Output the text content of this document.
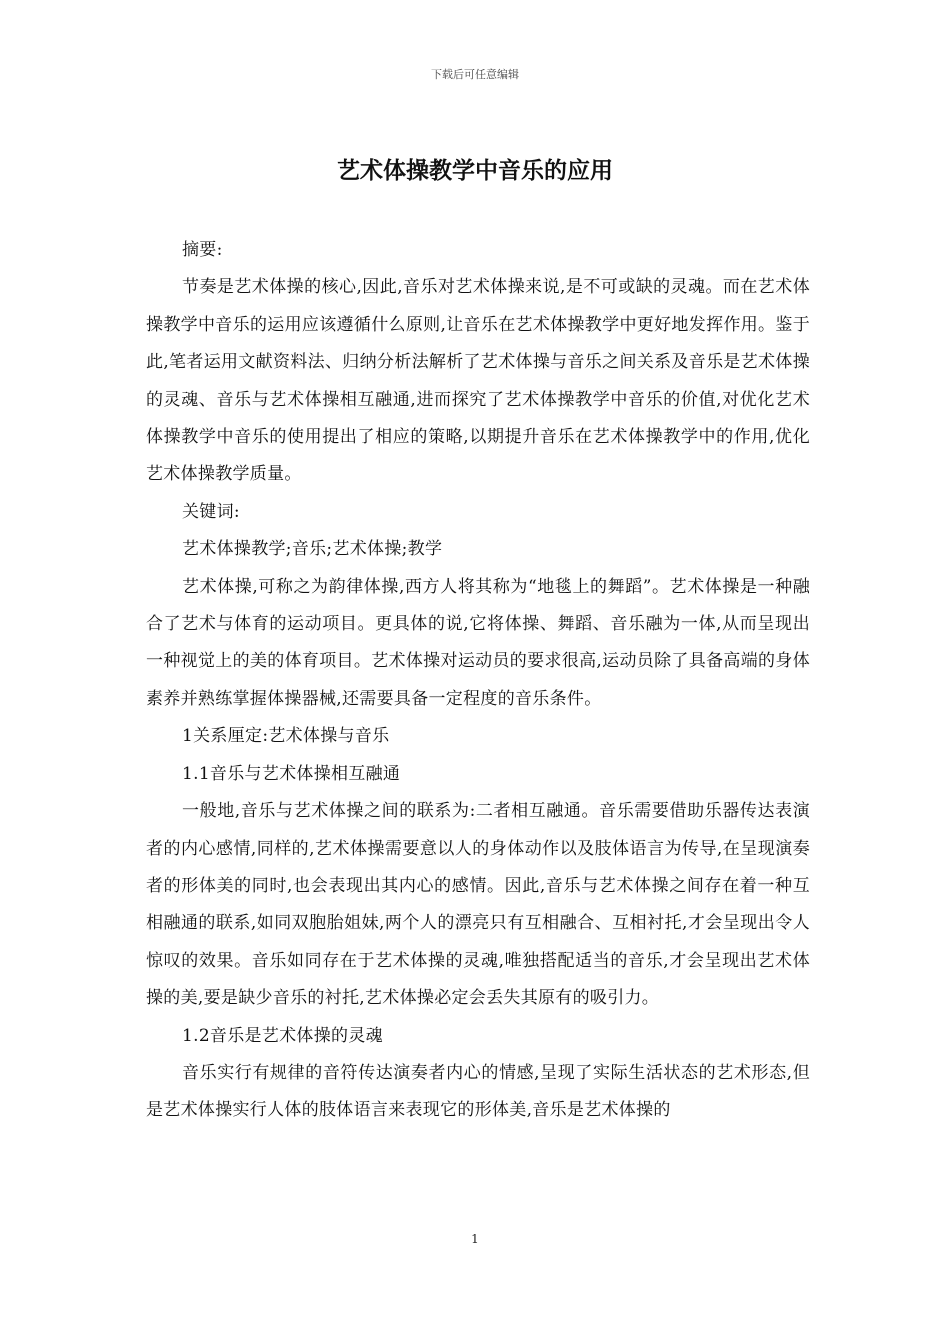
下载后可任意编辑
艺术体操教学中音乐的应用

摘要:

节奏是艺术体操的核心,因此,音乐对艺术体操来说,是不可或缺的灵魂。而在艺术体操教学中音乐的运用应该遵循什么原则,让音乐在艺术体操教学中更好地发挥作用。鉴于此,笔者运用文献资料法、归纳分析法解析了艺术体操与音乐之间关系及音乐是艺术体操的灵魂、音乐与艺术体操相互融通,进而探究了艺术体操教学中音乐的价值,对优化艺术体操教学中音乐的使用提出了相应的策略,以期提升音乐在艺术体操教学中的作用,优化艺术体操教学质量。

关键词:

艺术体操教学;音乐;艺术体操;教学

艺术体操,可称之为韵律体操,西方人将其称为“地毯上的舞蹈”。艺术体操是一种融合了艺术与体育的运动项目。更具体的说,它将体操、舞蹈、音乐融为一体,从而呈现出一种视觉上的美的体育项目。艺术体操对运动员的要求很高,运动员除了具备高端的身体素养并熟练掌握体操器械,还需要具备一定程度的音乐条件。

1关系厘定:艺术体操与音乐

1.1音乐与艺术体操相互融通

一般地,音乐与艺术体操之间的联系为:二者相互融通。音乐需要借助乐器传达表演者的内心感情,同样的,艺术体操需要意以人的身体动作以及肢体语言为传导,在呈现演奏者的形体美的同时,也会表现出其内心的感情。因此,音乐与艺术体操之间存在着一种互相融通的联系,如同双胞胎姐妹,两个人的漂亮只有互相融合、互相衬托,才会呈现出令人惊叹的效果。音乐如同存在于艺术体操的灵魂,唯独搭配适当的音乐,才会呈现出艺术体操的美,要是缺少音乐的衬托,艺术体操必定会丢失其原有的吸引力。

1.2音乐是艺术体操的灵魂

音乐实行有规律的音符传达演奏者内心的情感,呈现了实际生活状态的艺术形态,但是艺术体操实行人体的肢体语言来表现它的形体美,音乐是艺术体操的

1
